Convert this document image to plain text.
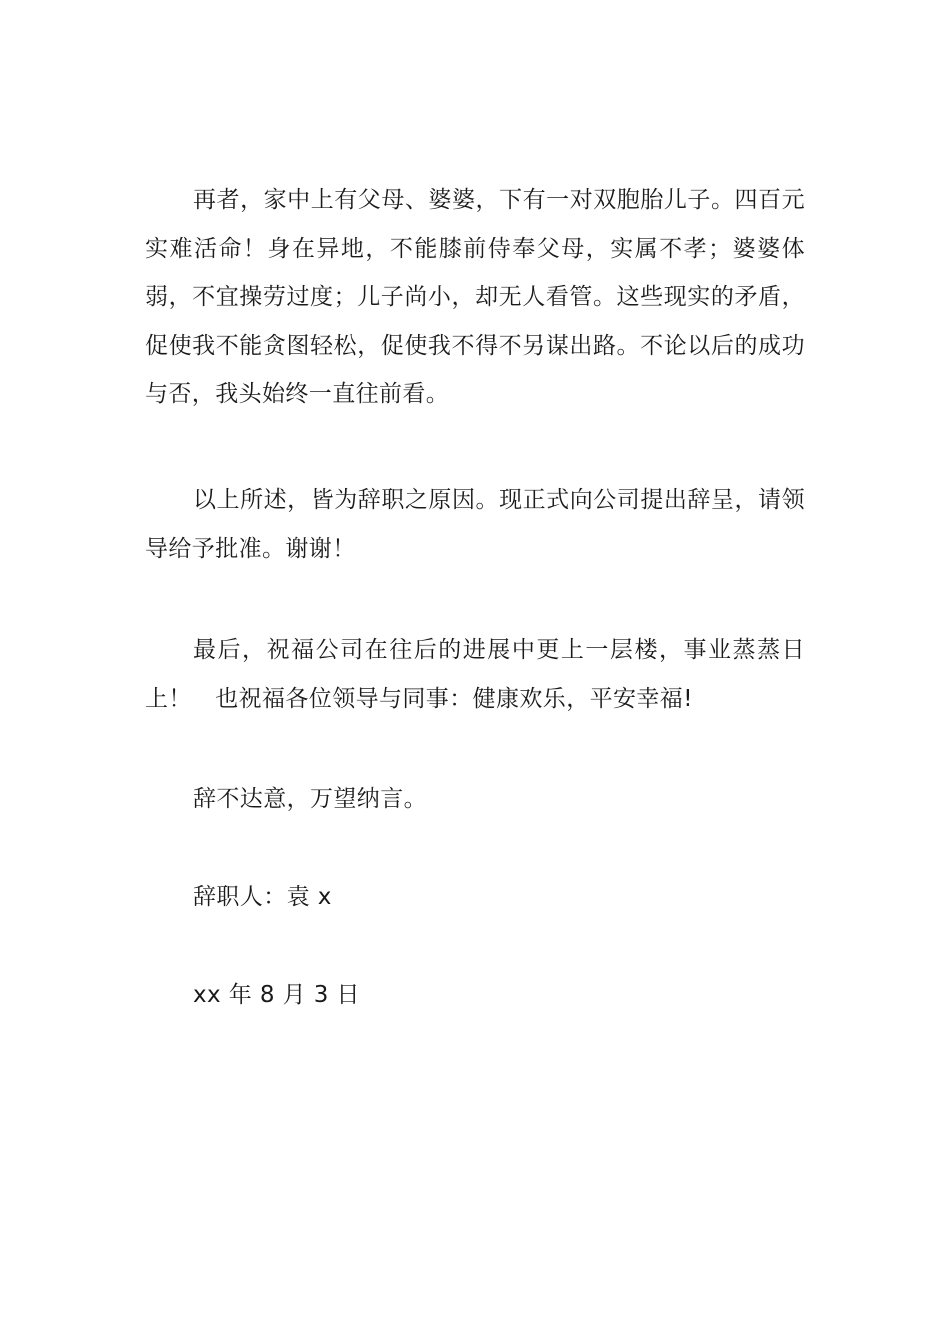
再者，家中上有父母、婆婆，下有一对双胞胎儿子。四百元实难活命！身在异地，不能膝前侍奉父母，实属不孝；婆婆体弱，不宜操劳过度；儿子尚小，却无人看管。这些现实的矛盾，促使我不能贪图轻松，促使我不得不另谋出路。不论以后的成功与否，我头始终一直往前看。

以上所述，皆为辞职之原因。现正式向公司提出辞呈，请领导给予批准。谢谢！

最后，祝福公司在往后的进展中更上一层楼，事业蒸蒸日上！　也祝福各位领导与同事：健康欢乐，平安幸福!

辞不达意，万望纳言。

辞职人：袁 x

xx 年 8 月 3 日
